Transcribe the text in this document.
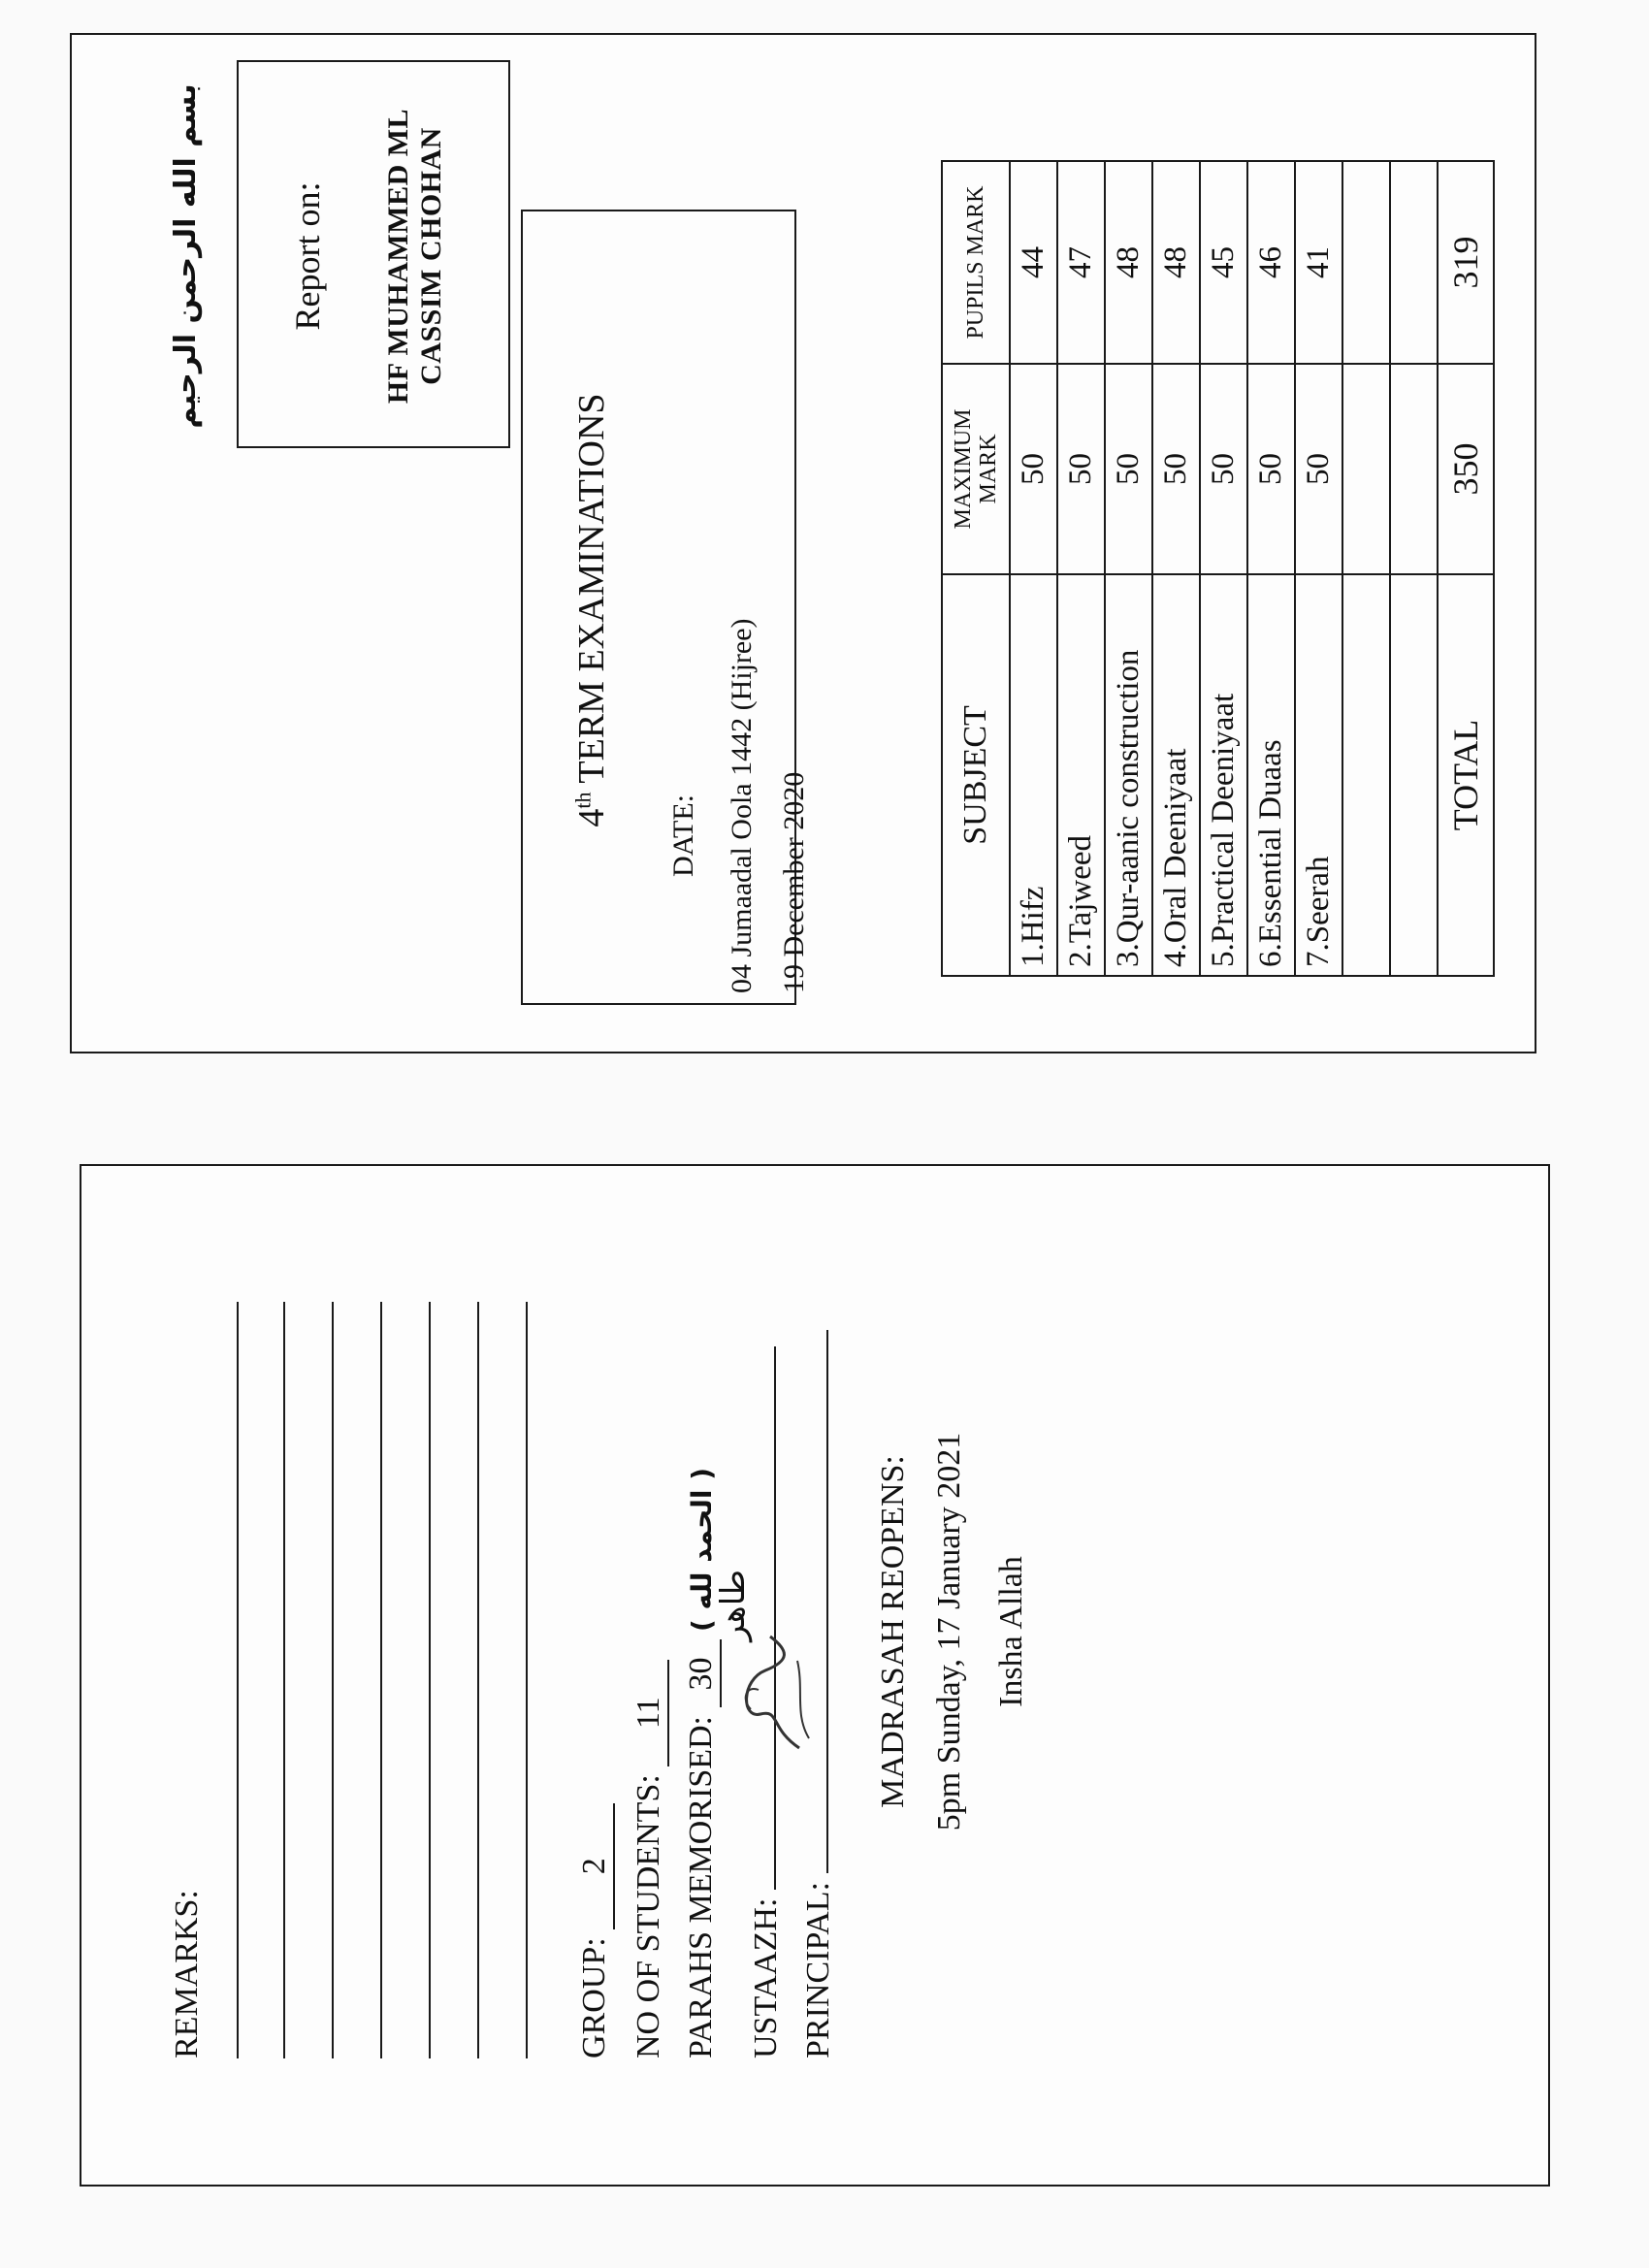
بسم الله الرحمن الرحيم Report on: HF MUHAMMED ML CASSIM CHOHAN
4th TERM EXAMINATIONS
DATE: 04 Jumaadal Oola 1442 (Hijree) 19 December 2020	SUBJECT	MAXIMUM MARK	PUPILS MARK
1.Hifz	50	44
2.Tajweed	50	47
3.Qur-aanic construction	50	48
4.Oral Deeniyaat	50	48
5.Practical Deeniyaat	50	45
6.Essential Duaas	50	46
7.Seerah	50	41

TOTAL	350	319
REMARKS:	GROUP: 2 NO OF STUDENTS: 11
PARAHS MEMORISED: 30 ( الحمد لله )
USTAAZH:
طاهر
PRINCIPAL:
MADRASAH REOPENS: 5pm Sunday, 17 January 2021 Insha Allah
